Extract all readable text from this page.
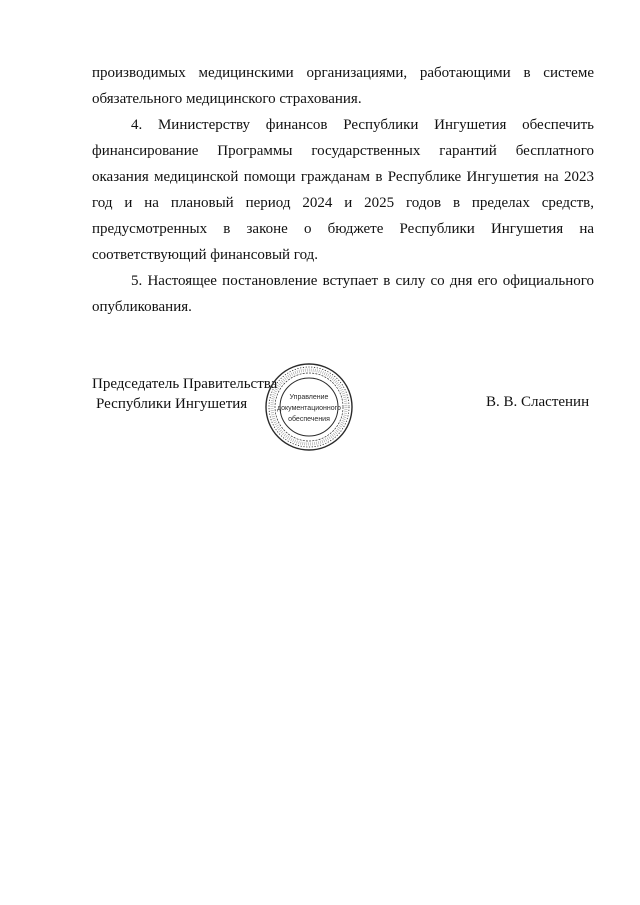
производимых медицинскими организациями, работающими в системе

обязательного медицинского страхования.

4. Министерству финансов Республики Ингушетия обеспечить

финансирование Программы государственных гарантий бесплатного

оказания медицинской помощи гражданам в Республике Ингушетия на 2023

год и на плановый период 2024 и 2025 годов в пределах средств,

предусмотренных в законе о бюджете Республики Ингушетия на

соответствующий финансовый год.

5. Настоящее постановление вступает в силу со дня его официального

опубликования.

Председатель Правительства
Республики Ингушетия	В. В. Сластенин
Управление
документационного
обеспечения
